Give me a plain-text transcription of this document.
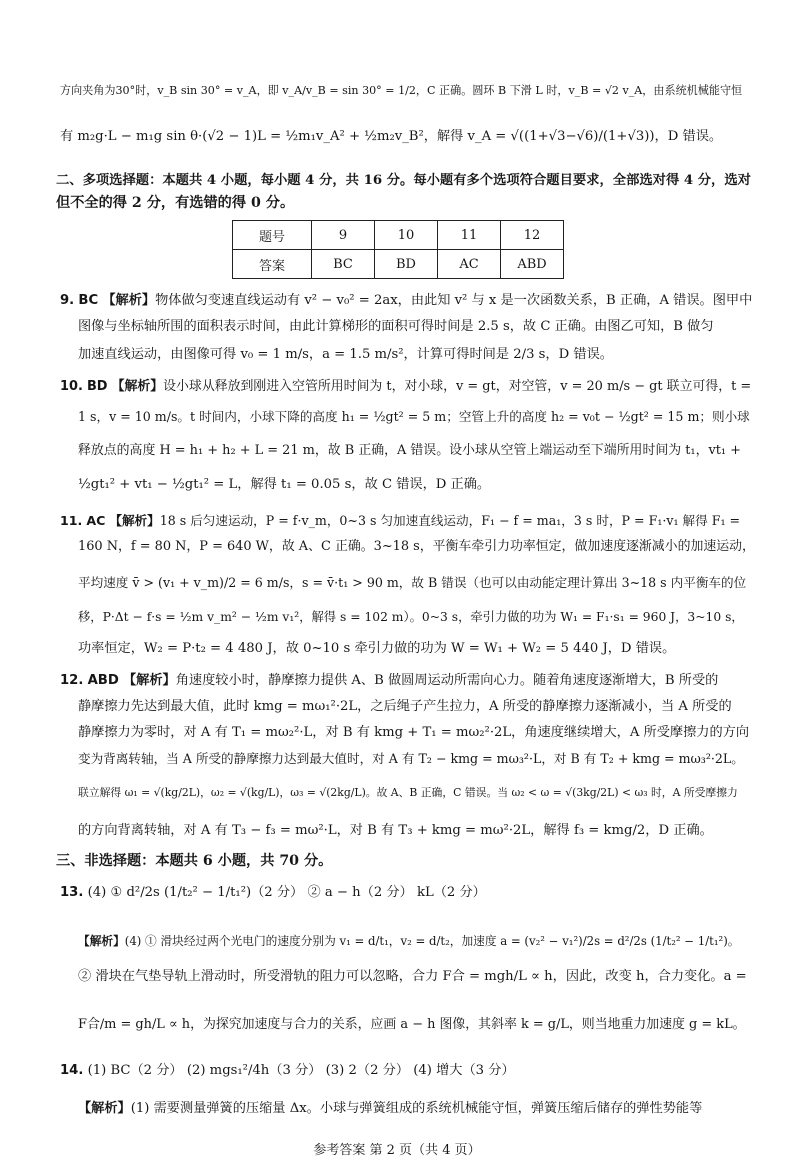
方向夹角为30°时，v_B sin 30° = v_A，即 v_A/v_B = sin 30° = 1/2，C 正确。圆环 B 下滑 L 时，v_B = √2 v_A，由系统机械能守恒
有 m₂g·L − m₁g sin θ·(√2 − 1)L = ½m₁v_A² + ½m₂v_B²，解得 v_A = √((1+√3−√6)/(1+√3))，D 错误。
二、多项选择题：本题共 4 小题，每小题 4 分，共 16 分。每小题有多个选项符合题目要求，全部选对得 4 分，选对
但不全的得 2 分，有选错的得 0 分。
题号	9	10	11	12
答案	BC	BD	AC	ABD
9. BC 【解析】物体做匀变速直线运动有 v² − v₀² = 2ax，由此知 v² 与 x 是一次函数关系，B 正确，A 错误。图甲中
图像与坐标轴所围的面积表示时间，由此计算梯形的面积可得时间是 2.5 s，故 C 正确。由图乙可知，B 做匀
加速直线运动，由图像可得 v₀ = 1 m/s，a = 1.5 m/s²，计算可得时间是 2/3 s，D 错误。
10. BD 【解析】设小球从释放到刚进入空管所用时间为 t，对小球，v = gt，对空管，v = 20 m/s − gt 联立可得，t =
1 s，v = 10 m/s。t 时间内，小球下降的高度 h₁ = ½gt² = 5 m；空管上升的高度 h₂ = v₀t − ½gt² = 15 m；则小球
释放点的高度 H = h₁ + h₂ + L = 21 m，故 B 正确，A 错误。设小球从空管上端运动至下端所用时间为 t₁，vt₁ +
½gt₁² + vt₁ − ½gt₁² = L，解得 t₁ = 0.05 s，故 C 错误，D 正确。
11. AC 【解析】18 s 后匀速运动，P = f·v_m，0~3 s 匀加速直线运动，F₁ − f = ma₁，3 s 时，P = F₁·v₁ 解得 F₁ =
160 N，f = 80 N，P = 640 W，故 A、C 正确。3~18 s，平衡车牵引力功率恒定，做加速度逐渐减小的加速运动，
平均速度 v̄ > (v₁ + v_m)/2 = 6 m/s，s = v̄·t₁ > 90 m，故 B 错误（也可以由动能定理计算出 3~18 s 内平衡车的位
移，P·Δt − f·s = ½m v_m² − ½m v₁²，解得 s = 102 m）。0~3 s，牵引力做的功为 W₁ = F₁·s₁ = 960 J，3~10 s，
功率恒定，W₂ = P·t₂ = 4 480 J，故 0~10 s 牵引力做的功为 W = W₁ + W₂ = 5 440 J，D 错误。
12. ABD 【解析】角速度较小时，静摩擦力提供 A、B 做圆周运动所需向心力。随着角速度逐渐增大，B 所受的
静摩擦力先达到最大值，此时 kmg = mω₁²·2L，之后绳子产生拉力，A 所受的静摩擦力逐渐减小，当 A 所受的
静摩擦力为零时，对 A 有 T₁ = mω₂²·L，对 B 有 kmg + T₁ = mω₂²·2L，角速度继续增大，A 所受摩擦力的方向
变为背离转轴，当 A 所受的静摩擦力达到最大值时，对 A 有 T₂ − kmg = mω₃²·L，对 B 有 T₂ + kmg = mω₃²·2L。
联立解得 ω₁ = √(kg/2L)，ω₂ = √(kg/L)，ω₃ = √(2kg/L)。故 A、B 正确，C 错误。当 ω₂ < ω = √(3kg/2L) < ω₃ 时，A 所受摩擦力
的方向背离转轴，对 A 有 T₃ − f₃ = mω²·L，对 B 有 T₃ + kmg = mω²·2L，解得 f₃ = kmg/2，D 正确。
三、非选择题：本题共 6 小题，共 70 分。
13. (4) ① d²/2s (1/t₂² − 1/t₁²)（2 分） ② a − h（2 分） kL（2 分）
【解析】(4) ① 滑块经过两个光电门的速度分别为 v₁ = d/t₁，v₂ = d/t₂，加速度 a = (v₂² − v₁²)/2s = d²/2s (1/t₂² − 1/t₁²)。
② 滑块在气垫导轨上滑动时，所受滑轨的阻力可以忽略，合力 F合 = mgh/L ∝ h，因此，改变 h，合力变化。a =
F合/m = gh/L ∝ h，为探究加速度与合力的关系，应画 a − h 图像，其斜率 k = g/L，则当地重力加速度 g = kL。
14. (1) BC（2 分） (2) mgs₁²/4h（3 分） (3) 2（2 分） (4) 增大（3 分）
【解析】(1) 需要测量弹簧的压缩量 Δx。小球与弹簧组成的系统机械能守恒，弹簧压缩后储存的弹性势能等
参考答案 第 2 页（共 4 页）
